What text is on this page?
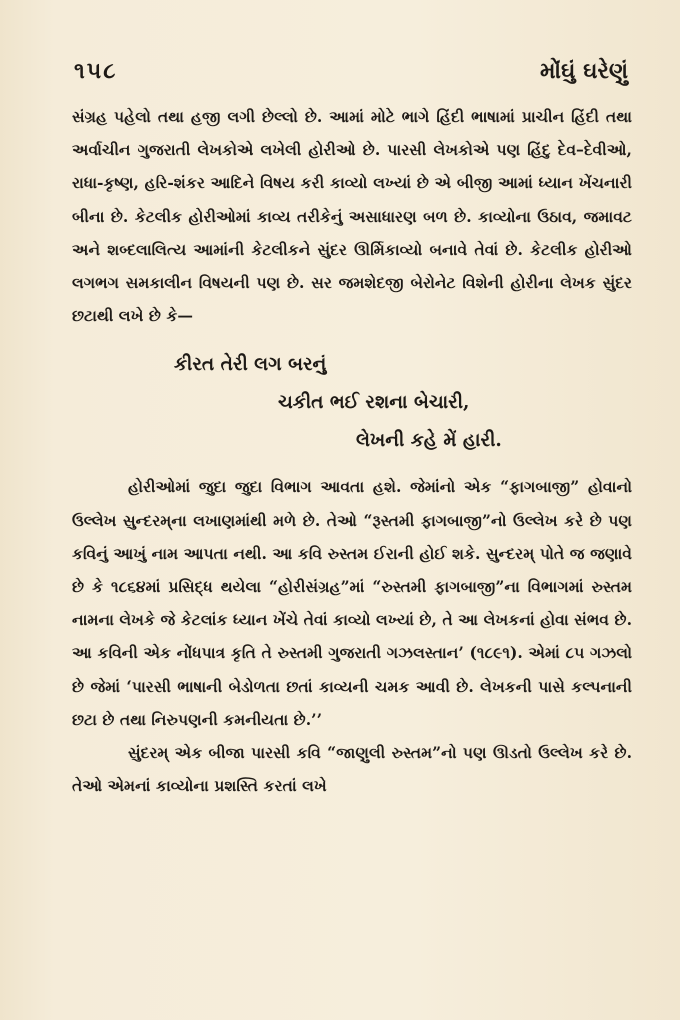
૧૫૮	મોંઘું ઘરેણું

સંગ્રહ પહેલો તથા હજી લગી છેલ્લો છે. આમાં મોટે ભાગે હિંદી ભાષામાં પ્રાચીન હિંદી તથા અર્વાચીન ગુજરાતી લેખકોએ લખેલી હોરીઓ છે. પારસી લેખકોએ પણ હિંદુ દેવ–દેવીઓ, રાધા-કૃષ્ણ, હરિ-શંકર આદિને વિષય કરી કાવ્યો લખ્યાં છે એ બીજી આમાં ધ્યાન ખેંચનારી બીના છે. કેટલીક હોરીઓમાં કાવ્ય તરીકેનું અસાધારણ બળ છે. કાવ્યોના ઉઠાવ, જમાવટ અને શબ્દલાલિત્ય આમાંની કેટલીકને સુંદર ઊર્મિકાવ્યો બનાવે તેવાં છે. કેટલીક હોરીઓ લગભગ સમકાલીન વિષયની પણ છે. સર જમશેદજી બેરોનેટ વિશેની હોરીના લેખક સુંદર છટાથી લખે છે કે—

કીરત તેરી લગ બરનું
ચકીત ભઈ રશના બેચારી,
લેખની કહે મેં હારી.

હોરીઓમાં જુદા જુદા વિભાગ આવતા હશે. જેમાંનો એક “ફાગબાજી” હોવાનો ઉલ્લેખ સુન્દરમ્‌ના લખાણમાંથી મળે છે. તેઓ “રૂસ્તમી ફાગબાજી”નો ઉલ્લેખ કરે છે પણ કવિનું આખું નામ આપતા નથી. આ કવિ રુસ્તમ ઈરાની હોઈ શકે. સુન્દરમ્‌ પોતે જ જણાવે છે કે ૧૮૬૪માં પ્રસિદ્ધ થયેલા “હોરીસંગ્રહ”માં “રુસ્તમી ફાગબાજી”ના વિભાગમાં રુસ્તમ નામના લેખકે જે કેટલાંક ધ્યાન ખેંચે તેવાં કાવ્યો લખ્યાં છે, તે આ લેખકનાં હોવા સંભવ છે. આ કવિની એક નોંધપાત્ર કૃતિ તે રુસ્તમી ગુજરાતી ગઝલસ્તાન’ (૧૮૯૧). એમાં ૮૫ ગઝલો છે જેમાં ‘પારસી ભાષાની બેડોળતા છતાં કાવ્યની ચમક આવી છે. લેખકની પાસે કલ્પનાની છટા છે તથા નિરુપણની કમનીયતા છે.’’

સુંદરમ્‌ એક બીજા પારસી કવિ “જાણુલી રુસ્તમ”નો પણ ઊડતો ઉલ્લેખ કરે છે. તેઓ એમનાં કાવ્યોના પ્રશસ્તિ કરતાં લખે
